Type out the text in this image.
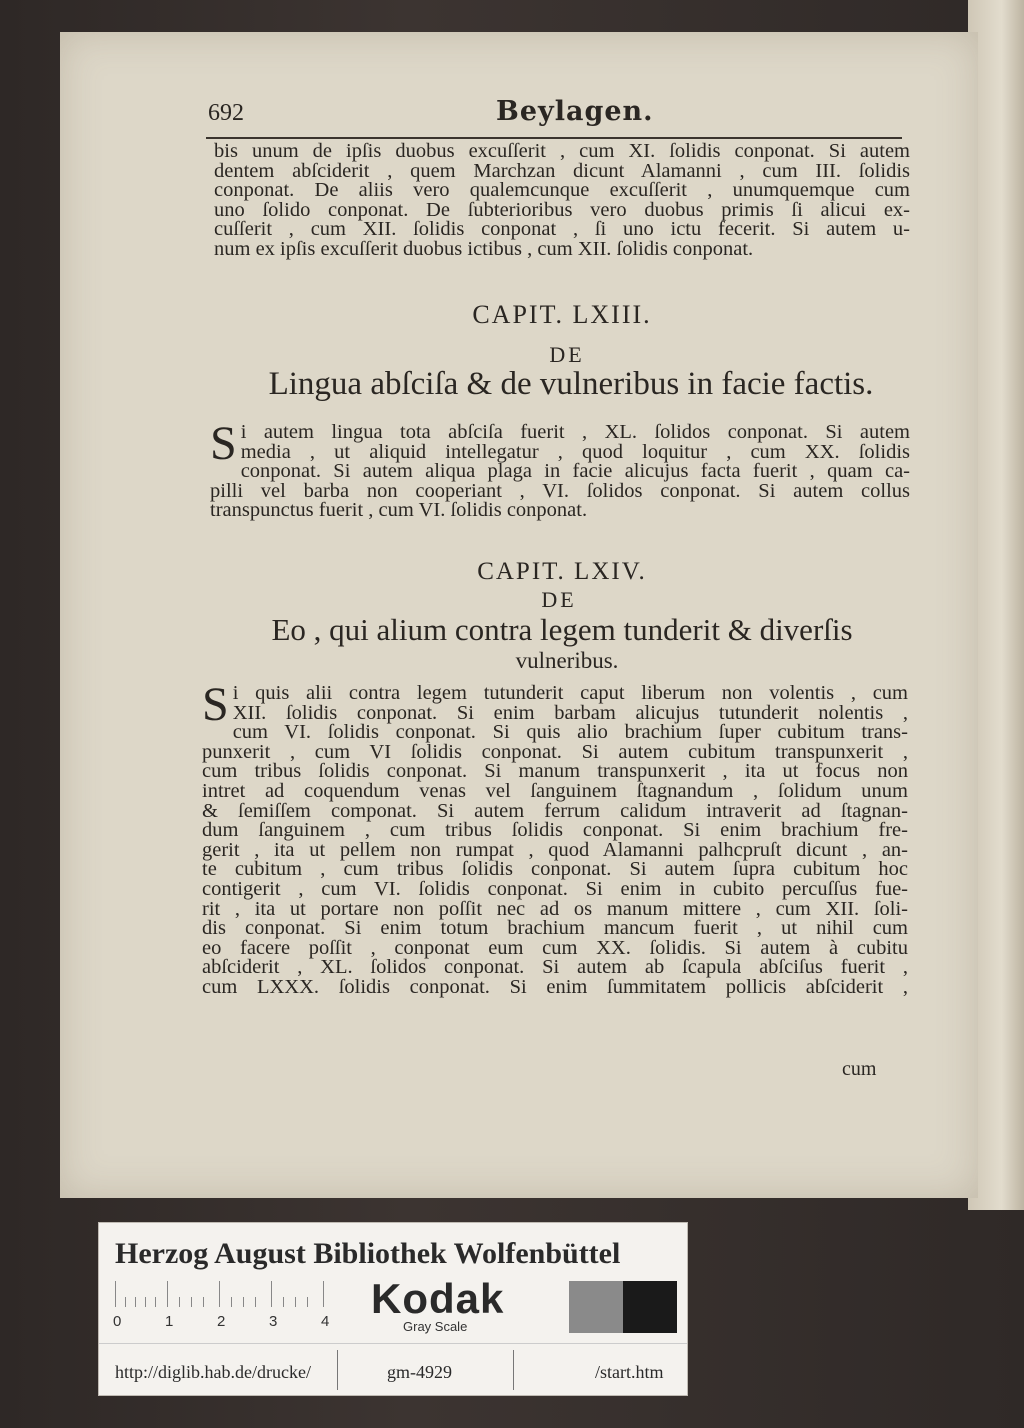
692	Beylagen.
bis unum de ipſis duobus excuſſerit , cum XI. ſolidis conponat. Si autem
dentem abſciderit , quem Marchzan dicunt Alamanni , cum III. ſolidis
conponat. De aliis vero qualemcunque excuſſerit , unumquemque cum
uno ſolido conponat. De ſubterioribus vero duobus primis ſi alicui ex-
cuſſerit , cum XII. ſolidis conponat , ſi uno ictu fecerit. Si autem u-
num ex ipſis excuſſerit duobus ictibus , cum XII. ſolidis conponat.
CAPIT. LXIII.
DE
Lingua abſciſa & de vulneribus in facie factis.
S i autem lingua tota abſciſa fuerit , XL. ſolidos conponat. Si autem
media , ut aliquid intellegatur , quod loquitur , cum XX. ſolidis
conponat. Si autem aliqua plaga in facie alicujus facta fuerit , quam ca-
pilli vel barba non cooperiant , VI. ſolidos conponat. Si autem collus
transpunctus fuerit , cum VI. ſolidis conponat.
CAPIT. LXIV.
DE
Eo , qui alium contra legem tunderit & diverſis
vulneribus.
S i quis alii contra legem tutunderit caput liberum non volentis , cum
XII. ſolidis conponat. Si enim barbam alicujus tutunderit nolentis ,
cum VI. ſolidis conponat. Si quis alio brachium ſuper cubitum trans-
punxerit , cum VI ſolidis conponat. Si autem cubitum transpunxerit ,
cum tribus ſolidis conponat. Si manum transpunxerit , ita ut focus non
intret ad coquendum venas vel ſanguinem ſtagnandum , ſolidum unum
& ſemiſſem componat. Si autem ferrum calidum intraverit ad ſtagnan-
dum ſanguinem , cum tribus ſolidis conponat. Si enim brachium fre-
gerit , ita ut pellem non rumpat , quod Alamanni palhcpruſt dicunt , an-
te cubitum , cum tribus ſolidis conponat. Si autem ſupra cubitum hoc
contigerit , cum VI. ſolidis conponat. Si enim in cubito percuſſus fue-
rit , ita ut portare non poſſit nec ad os manum mittere , cum XII. ſoli-
dis conponat. Si enim totum brachium mancum fuerit , ut nihil cum
eo facere poſſit , conponat eum cum XX. ſolidis. Si autem à cubitu
abſciderit , XL. ſolidos conponat. Si autem ab ſcapula abſciſus fuerit ,
cum LXXX. ſolidis conponat. Si enim ſummitatem pollicis abſciderit ,
cum
Herzog August Bibliothek Wolfenbüttel
0	1	2	3	4 Kodak
Gray Scale
http://diglib.hab.de/drucke/	gm-4929	/start.htm
